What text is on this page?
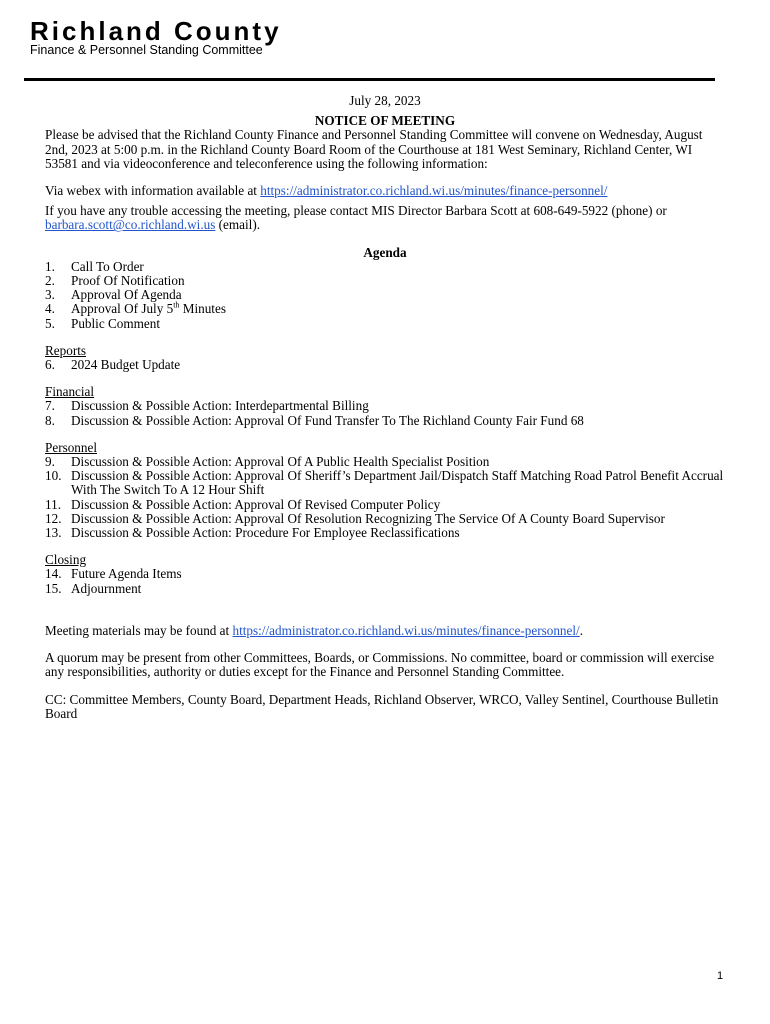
Richland County
Finance & Personnel Standing Committee

July 28, 2023

NOTICE OF MEETING

Please be advised that the Richland County Finance and Personnel Standing Committee will convene on Wednesday, August 2nd, 2023 at 5:00 p.m. in the Richland County Board Room of the Courthouse at 181 West Seminary, Richland Center, WI 53581 and via videoconference and teleconference using the following information:

Via webex with information available at https://administrator.co.richland.wi.us/minutes/finance-personnel/

If you have any trouble accessing the meeting, please contact MIS Director Barbara Scott at 608-649-5922 (phone) or barbara.scott@co.richland.wi.us (email).

Agenda

1. Call To Order
2. Proof Of Notification
3. Approval Of Agenda
4. Approval Of July 5th Minutes
5. Public Comment

Reports

6. 2024 Budget Update

Financial

7. Discussion & Possible Action: Interdepartmental Billing
8. Discussion & Possible Action: Approval Of Fund Transfer To The Richland County Fair Fund 68

Personnel

9. Discussion & Possible Action: Approval Of A Public Health Specialist Position
10. Discussion & Possible Action: Approval Of Sheriff’s Department Jail/Dispatch Staff Matching Road Patrol Benefit Accrual With The Switch To A 12 Hour Shift
11. Discussion & Possible Action: Approval Of Revised Computer Policy
12. Discussion & Possible Action: Approval Of Resolution Recognizing The Service Of A County Board Supervisor
13. Discussion & Possible Action: Procedure For Employee Reclassifications

Closing

14. Future Agenda Items
15. Adjournment

Meeting materials may be found at https://administrator.co.richland.wi.us/minutes/finance-personnel/.

A quorum may be present from other Committees, Boards, or Commissions. No committee, board or commission will exercise any responsibilities, authority or duties except for the Finance and Personnel Standing Committee.

CC: Committee Members, County Board, Department Heads, Richland Observer, WRCO, Valley Sentinel, Courthouse Bulletin Board

1
